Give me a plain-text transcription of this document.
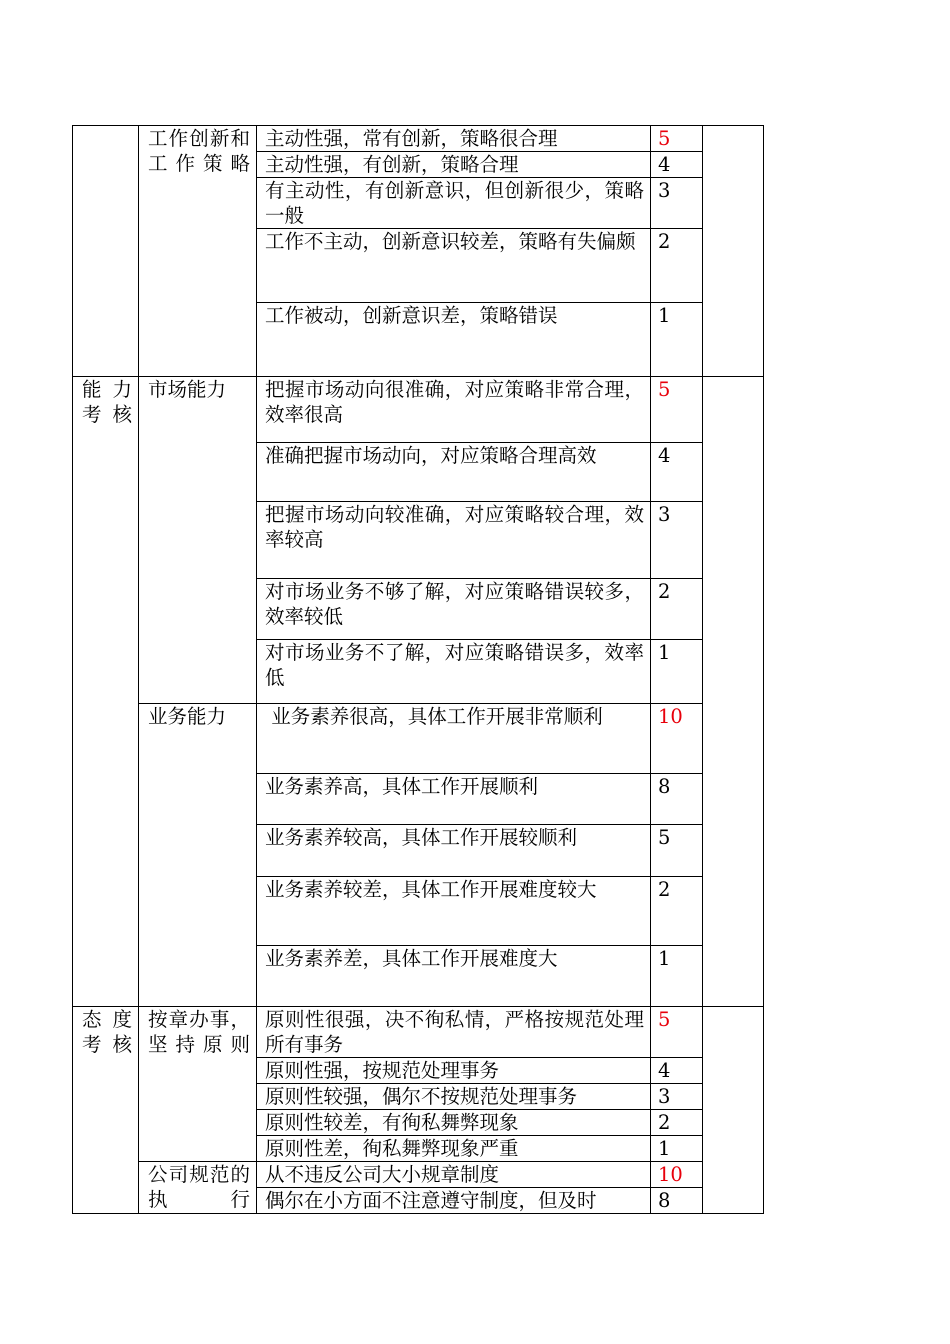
	工作创新和工作策略	主动性强，常有创新，策略很合理	5	
		主动性强，有创新，策略合理	4	
		有主动性，有创新意识，但创新很少，策略一般	3	
		工作不主动，创新意识较差，策略有失偏颇	2	
		工作被动，创新意识差，策略错误	1	
能力考核	市场能力	把握市场动向很准确，对应策略非常合理，效率很高	5	
		准确把握市场动向，对应策略合理高效	4	
		把握市场动向较准确，对应策略较合理，效率较高	3	
		对市场业务不够了解，对应策略错误较多，效率较低	2	
		对市场业务不了解，对应策略错误多，效率低	1	
	业务能力	业务素养很高，具体工作开展非常顺利	10	
		业务素养高，具体工作开展顺利	8	
		业务素养较高，具体工作开展较顺利	5	
		业务素养较差，具体工作开展难度较大	2	
		业务素养差，具体工作开展难度大	1	
态度考核	按章办事，坚持原则	原则性很强，决不徇私情，严格按规范处理所有事务	5	
		原则性强，按规范处理事务	4	
		原则性较强，偶尔不按规范处理事务	3	
		原则性较差，有徇私舞弊现象	2	
		原则性差，徇私舞弊现象严重	1	
	公司规范的执行	从不违反公司大小规章制度	10	
		偶尔在小方面不注意遵守制度，但及时	8	
